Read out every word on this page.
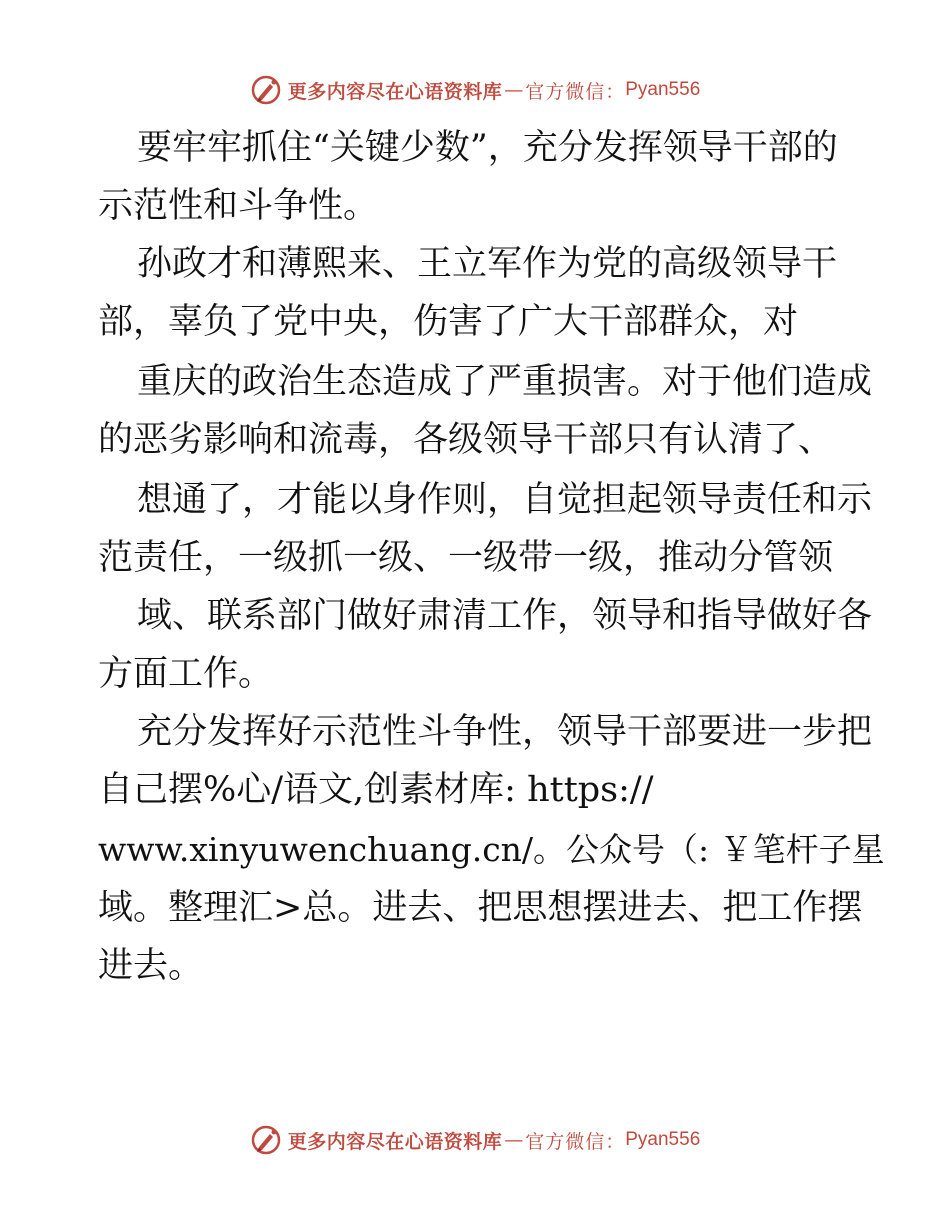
更多内容尽在心语资料库 — 官方微信： Pyan556
要牢牢抓住“关键少数”，充分发挥领导干部的
示范性和斗争性。
孙政才和薄熙来、王立军作为党的高级领导干
部，辜负了党中央，伤害了广大干部群众，对
重庆的政治生态造成了严重损害。对于他们造成
的恶劣影响和流毒，各级领导干部只有认清了、
想通了，才能以身作则，自觉担起领导责任和示
范责任，一级抓一级、一级带一级，推动分管领
域、联系部门做好肃清工作，领导和指导做好各
方面工作。
充分发挥好示范性斗争性，领导干部要进一步把
自己摆%心/语文,创素材库: https://
www.xinyuwenchuang.cn/。公众号（: ￥笔杆子星
域。整理汇>总。进去、把思想摆进去、把工作摆
进去。
更多内容尽在心语资料库 — 官方微信： Pyan556
